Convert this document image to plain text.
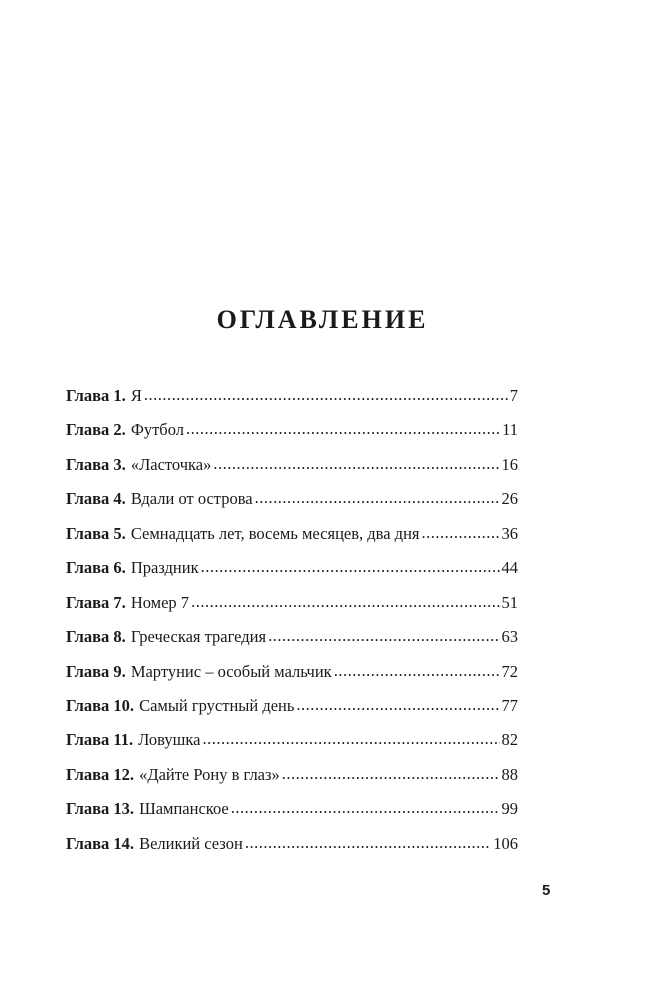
ОГЛАВЛЕНИЕ
Глава 1. Я .....	7
Глава 2. Футбол .....	11
Глава 3. «Ласточка» .....	16
Глава 4. Вдали от острова .....	26
Глава 5. Семнадцать лет, восемь месяцев, два дня .....	36
Глава 6. Праздник .....	44
Глава 7. Номер 7 .....	51
Глава 8. Греческая трагедия .....	63
Глава 9. Мартунис – особый мальчик .....	72
Глава 10. Самый грустный день .....	77
Глава 11. Ловушка .....	82
Глава 12. «Дайте Рону в глаз» .....	88
Глава 13. Шампанское .....	99
Глава 14. Великий сезон .....	106
5
